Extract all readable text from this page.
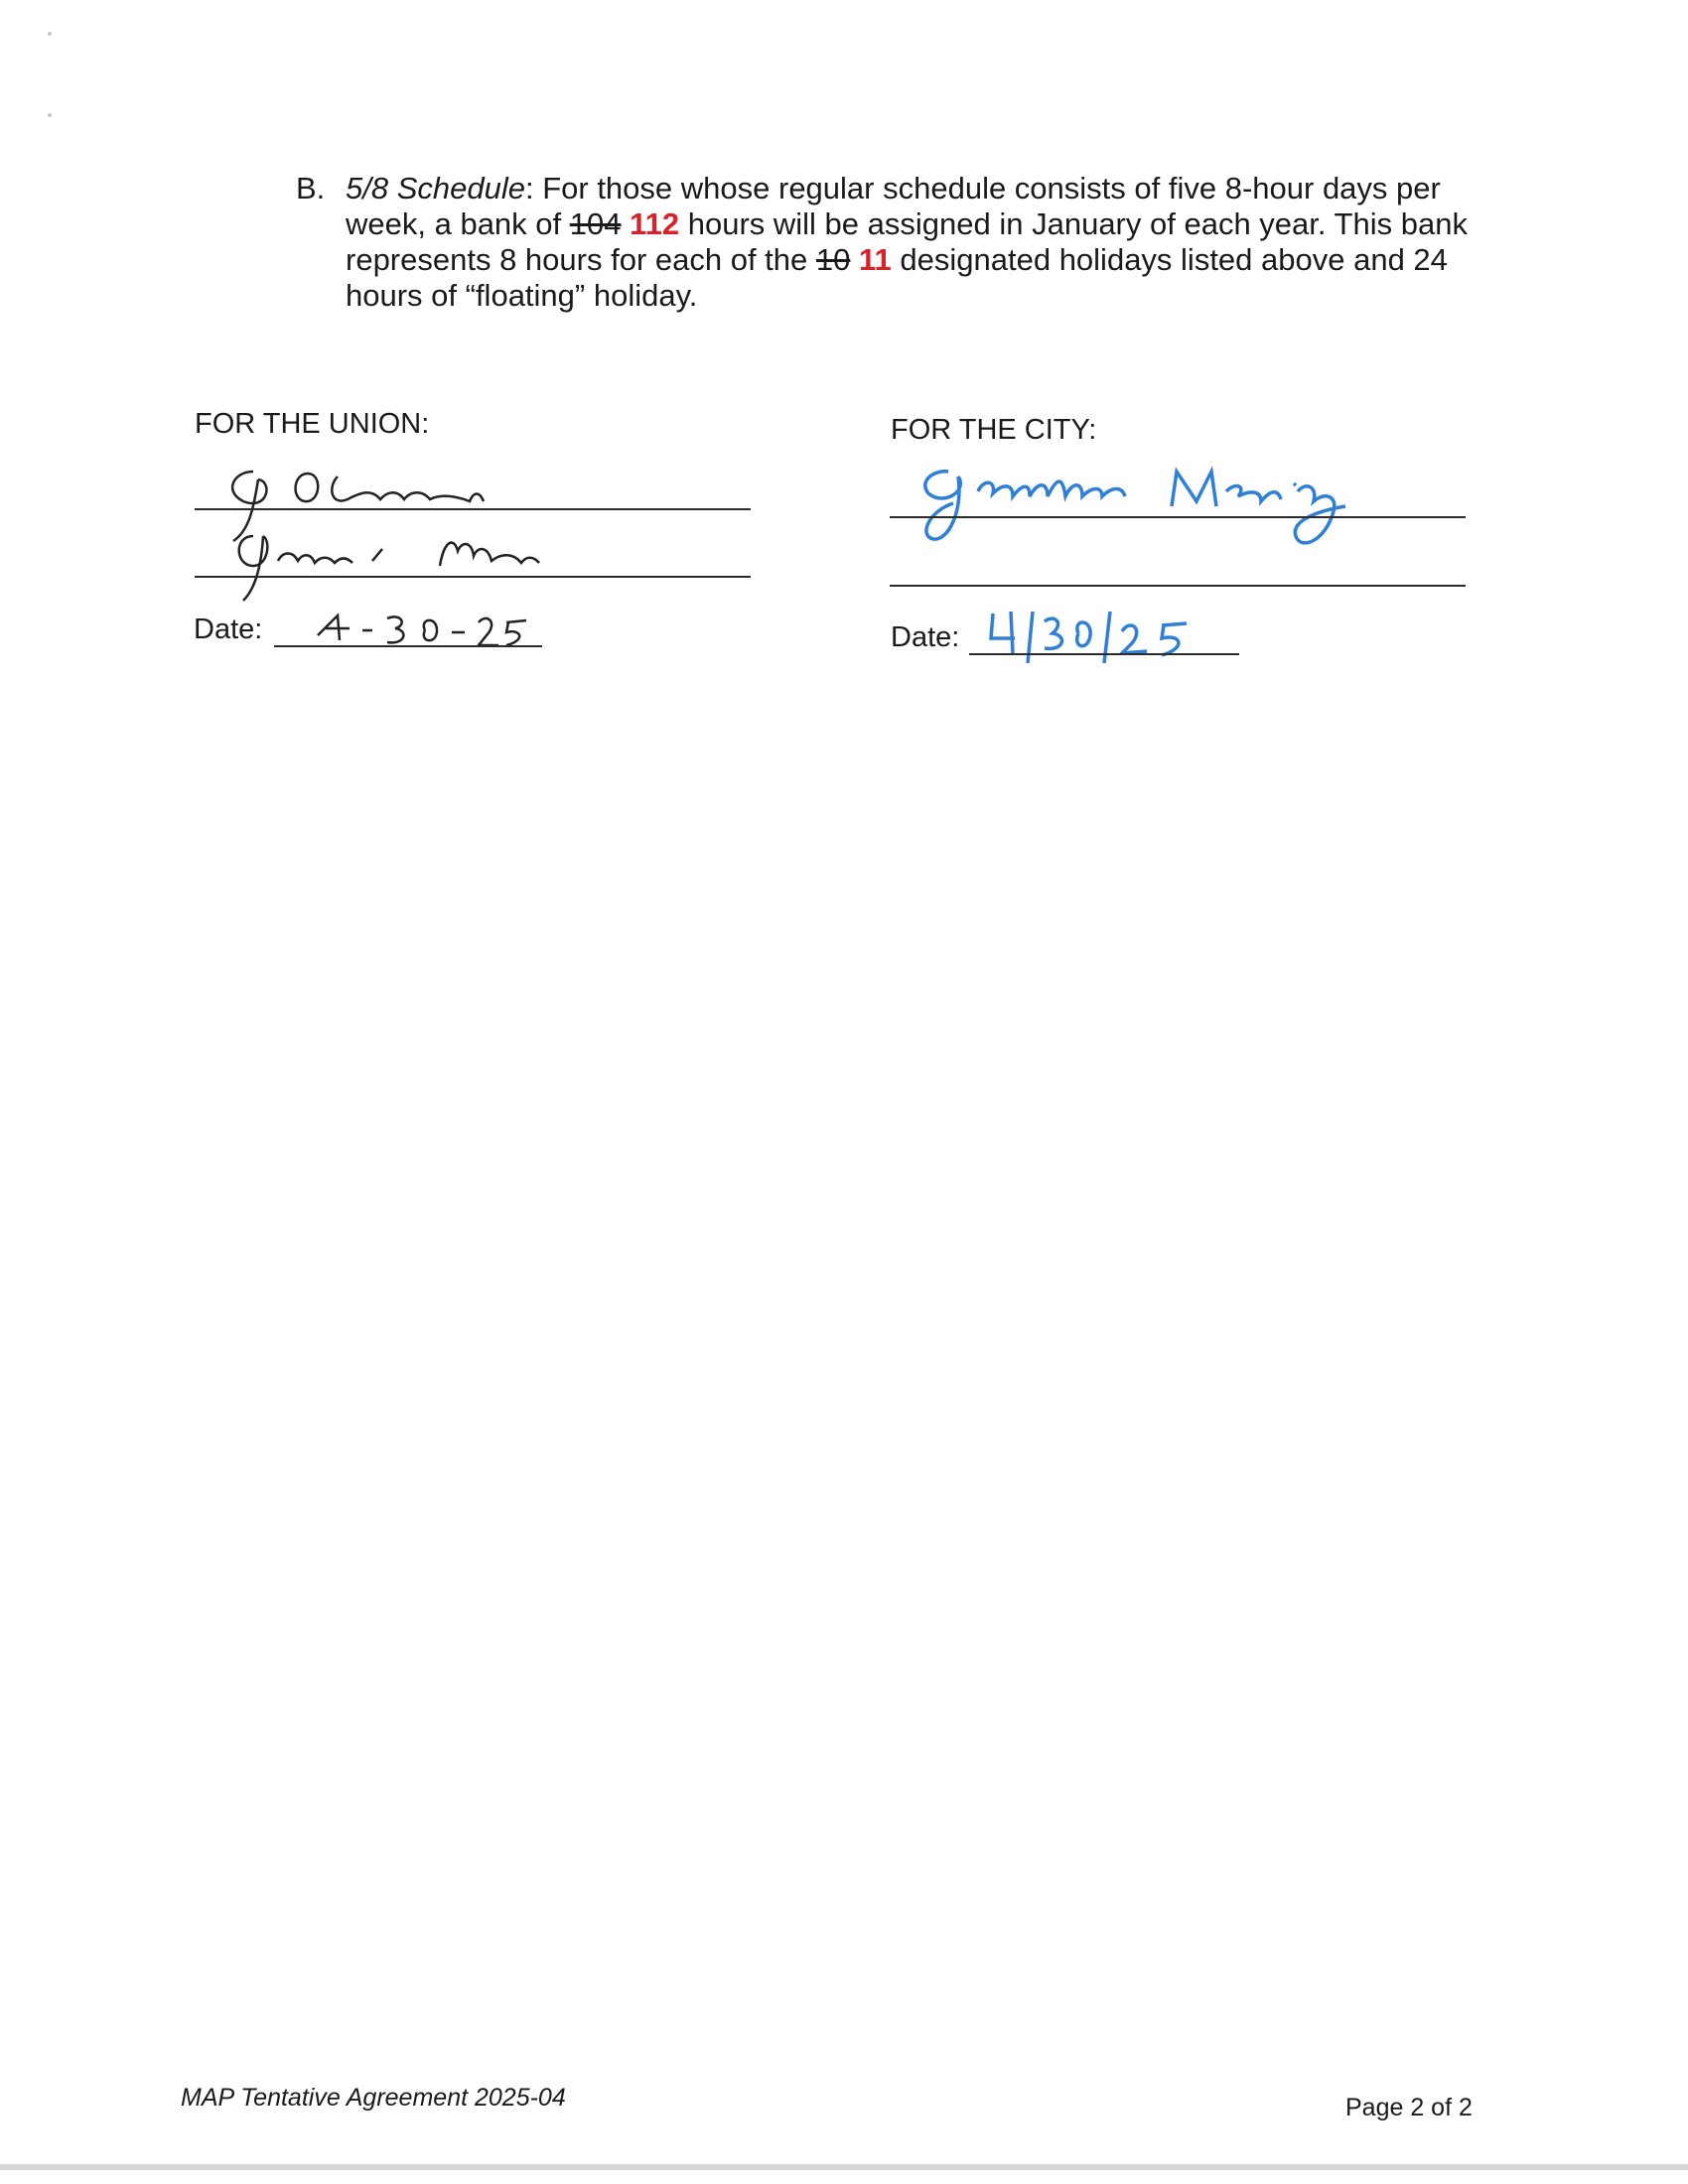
B. 5/8 Schedule: For those whose regular schedule consists of five 8-hour days per week, a bank of 104 112 hours will be assigned in January of each year. This bank represents 8 hours for each of the 10 11 designated holidays listed above and 24 hours of “floating” holiday.
FOR THE UNION:
Date:
FOR THE CITY:
Date:
MAP Tentative Agreement 2025-04	Page 2 of 2
